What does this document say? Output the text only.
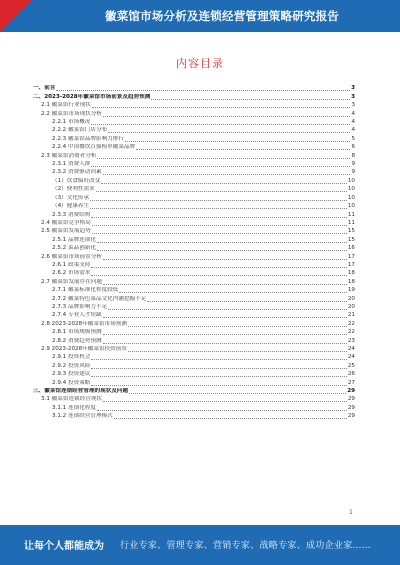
徽菜馆市场分析及连锁经营管理策略研究报告
内容目录
一、前言	3
二、2023-2028年徽菜馆市场前景及趋势预测	3
2.1 徽菜馆行业现状	3
2.2 徽菜馆市场现状分析	4
2.2.1 市场概况	4
2.2.2 徽菜馆门店分布	4
2.2.3 徽菜馆品牌影响力排行	5
2.2.4 中国餐饮百强榜单徽菜品牌	6
2.3 徽菜馆消费者分析	8
2.3.1 消费人群	9
2.3.2 消费驱动因素	9
（1）饮食偏好改变	10
（2）便利性需求	10
（3）文化传承	10
（4）健康养生	10
2.3.3 消费结构	11
2.4 徽菜馆竞争格局	11
2.5 徽菜馆发展趋势	15
2.5.1 品牌连锁化	15
2.5.2 菜品创新化	16
2.6 徽菜馆市场前景分析	17
2.6.1 政策支持	17
2.6.2 市场需求	18
2.7 徽菜馆发展存在问题	18
2.7.1 徽菜标准化程度较低	19
2.7.2 徽菜特色菜品文化内涵挖掘不足	20
2.7.3 品牌影响力不足	20
2.7.4 专业人才短缺	21
2.8 2023-2028年徽菜馆市场预测	22
2.8.1 市场规模预测	22
2.8.2 消费趋势预测	23
2.9 2023-2028年徽菜馆投资前景	24
2.9.1 投资机会	24
2.9.2 投资风险	25
2.9.3 投资建议	26
2.9.4 投资策略	27
三、徽菜馆连锁经营管理的现状及问题	29
3.1 徽菜馆连锁经营现状	29
3.1.1 连锁化程度	29
3.1.2 连锁经营管理模式	29
1
让每个人都能成为 行业专家、管理专家、营销专家、战略专家、成功企业家……
